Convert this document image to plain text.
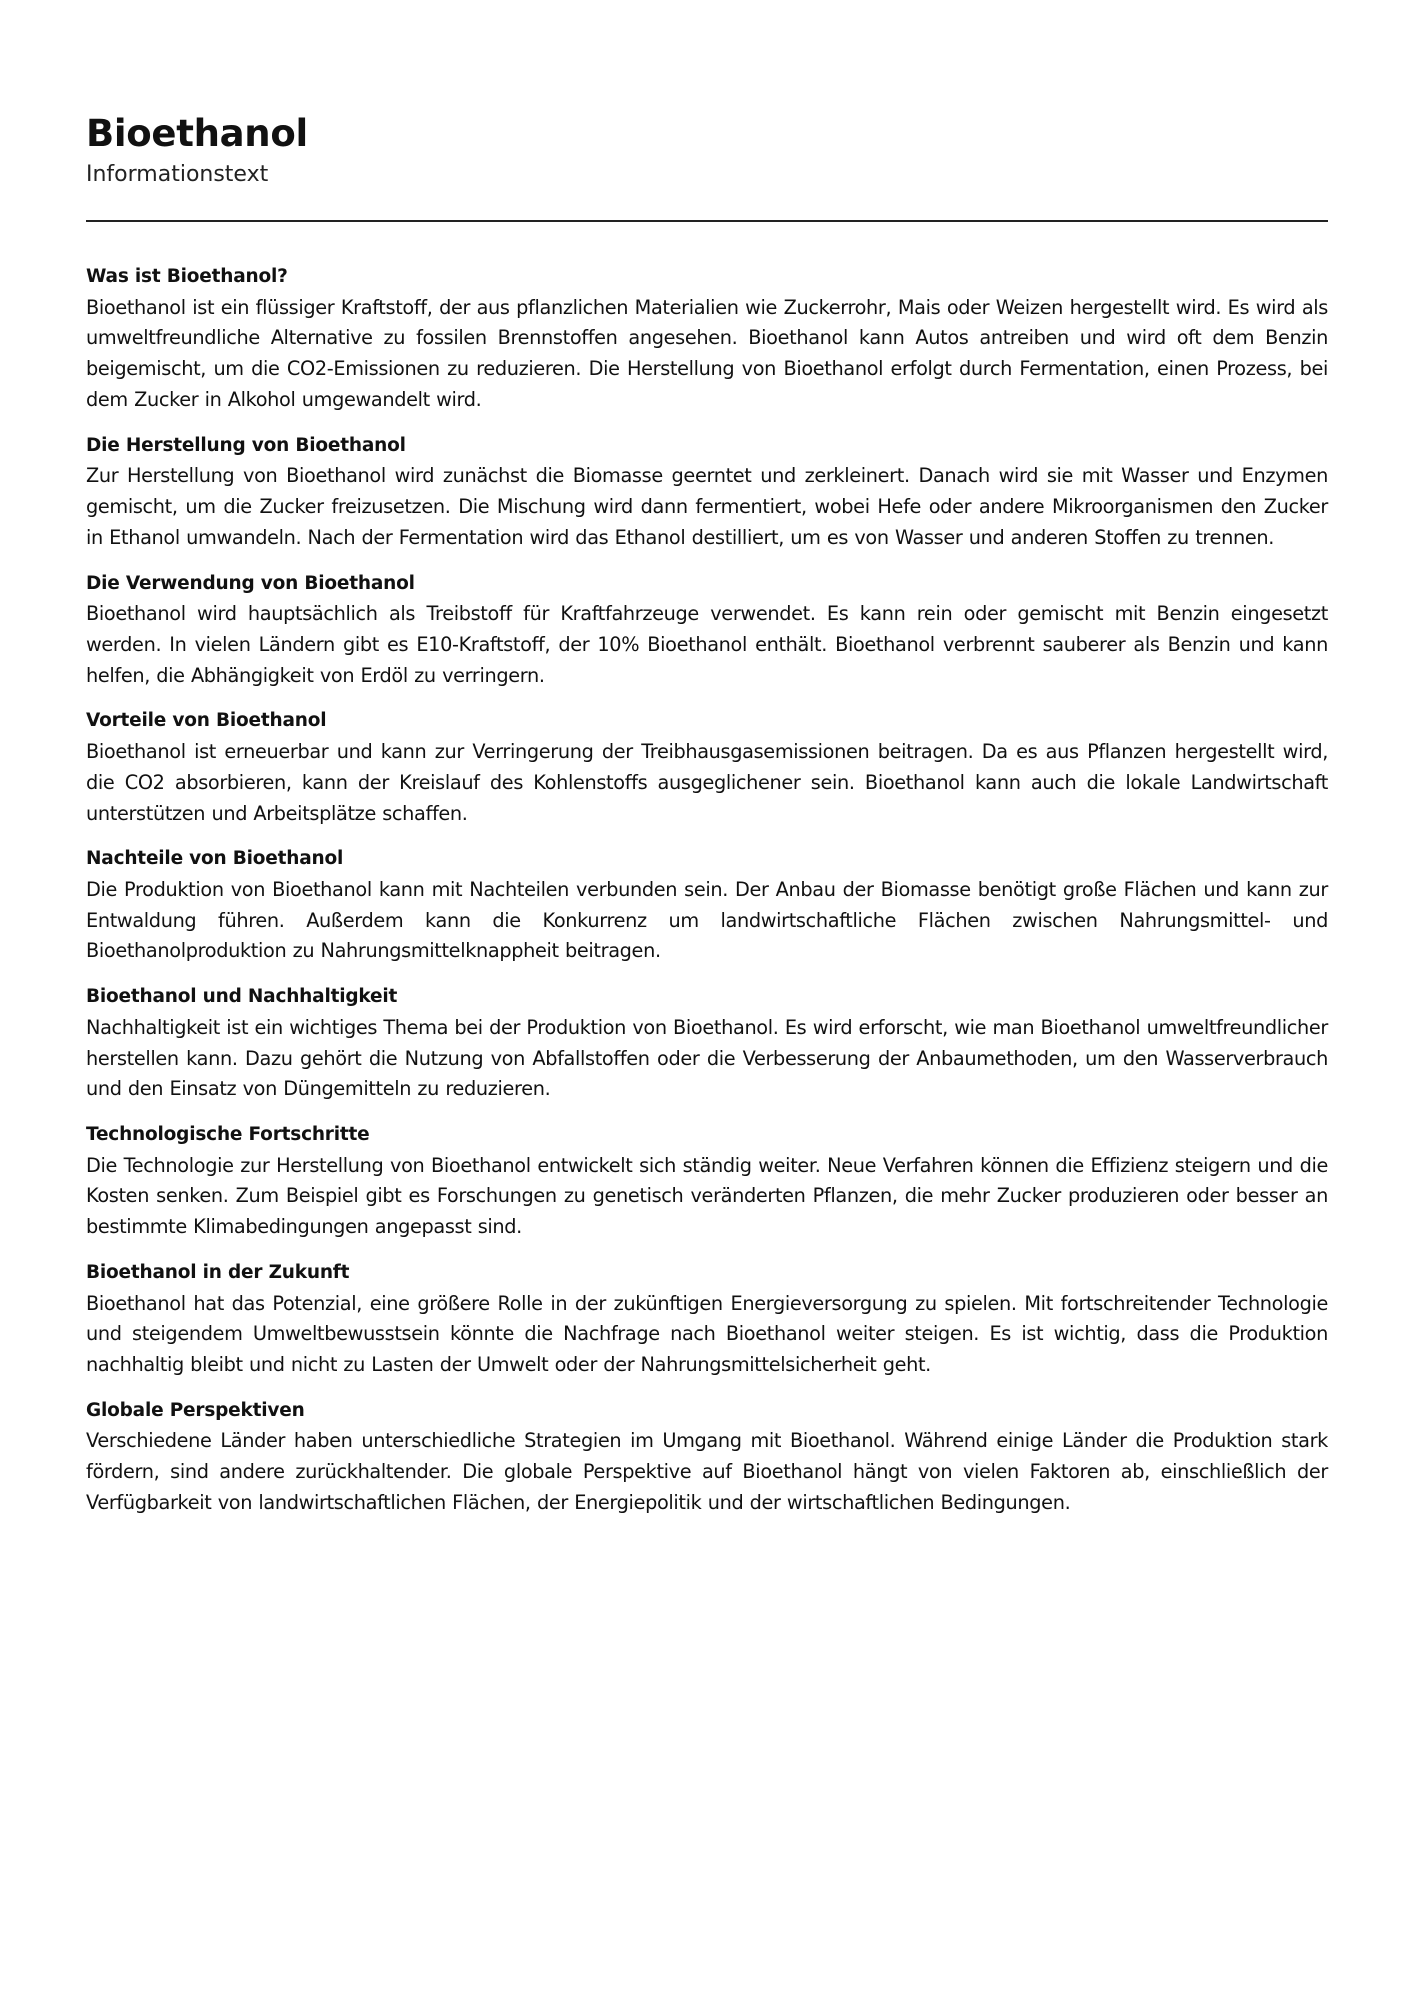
Bioethanol
Informationstext
Was ist Bioethanol?

Bioethanol ist ein flüssiger Kraftstoff, der aus pflanzlichen Materialien wie Zuckerrohr, Mais oder Weizen hergestellt wird. Es wird als umweltfreundliche Alternative zu fossilen Brennstoffen angesehen. Bioethanol kann Autos antreiben und wird oft dem Benzin beigemischt, um die CO2-Emissionen zu reduzieren. Die Herstellung von Bioethanol erfolgt durch Fermentation, einen Prozess, bei dem Zucker in Alkohol umgewandelt wird.

Die Herstellung von Bioethanol

Zur Herstellung von Bioethanol wird zunächst die Biomasse geerntet und zerkleinert. Danach wird sie mit Wasser und Enzymen gemischt, um die Zucker freizusetzen. Die Mischung wird dann fermentiert, wobei Hefe oder andere Mikroorganismen den Zucker in Ethanol umwandeln. Nach der Fermentation wird das Ethanol destilliert, um es von Wasser und anderen Stoffen zu trennen.

Die Verwendung von Bioethanol

Bioethanol wird hauptsächlich als Treibstoff für Kraftfahrzeuge verwendet. Es kann rein oder gemischt mit Benzin eingesetzt werden. In vielen Ländern gibt es E10-Kraftstoff, der 10% Bioethanol enthält. Bioethanol verbrennt sauberer als Benzin und kann helfen, die Abhängigkeit von Erdöl zu verringern.

Vorteile von Bioethanol

Bioethanol ist erneuerbar und kann zur Verringerung der Treibhausgasemissionen beitragen. Da es aus Pflanzen hergestellt wird, die CO2 absorbieren, kann der Kreislauf des Kohlenstoffs ausgeglichener sein. Bioethanol kann auch die lokale Landwirtschaft unterstützen und Arbeitsplätze schaffen.

Nachteile von Bioethanol

Die Produktion von Bioethanol kann mit Nachteilen verbunden sein. Der Anbau der Biomasse benötigt große Flächen und kann zur Entwaldung führen. Außerdem kann die Konkurrenz um landwirtschaftliche Flächen zwischen Nahrungsmittel- und Bioethanolproduktion zu Nahrungsmittelknappheit beitragen.

Bioethanol und Nachhaltigkeit

Nachhaltigkeit ist ein wichtiges Thema bei der Produktion von Bioethanol. Es wird erforscht, wie man Bioethanol umweltfreundlicher herstellen kann. Dazu gehört die Nutzung von Abfallstoffen oder die Verbesserung der Anbaumethoden, um den Wasserverbrauch und den Einsatz von Düngemitteln zu reduzieren.

Technologische Fortschritte

Die Technologie zur Herstellung von Bioethanol entwickelt sich ständig weiter. Neue Verfahren können die Effizienz steigern und die Kosten senken. Zum Beispiel gibt es Forschungen zu genetisch veränderten Pflanzen, die mehr Zucker produzieren oder besser an bestimmte Klimabedingungen angepasst sind.

Bioethanol in der Zukunft

Bioethanol hat das Potenzial, eine größere Rolle in der zukünftigen Energieversorgung zu spielen. Mit fortschreitender Technologie und steigendem Umweltbewusstsein könnte die Nachfrage nach Bioethanol weiter steigen. Es ist wichtig, dass die Produktion nachhaltig bleibt und nicht zu Lasten der Umwelt oder der Nahrungsmittelsicherheit geht.

Globale Perspektiven

Verschiedene Länder haben unterschiedliche Strategien im Umgang mit Bioethanol. Während einige Länder die Produktion stark fördern, sind andere zurückhaltender. Die globale Perspektive auf Bioethanol hängt von vielen Faktoren ab, einschließlich der Verfügbarkeit von landwirtschaftlichen Flächen, der Energiepolitik und der wirtschaftlichen Bedingungen.
